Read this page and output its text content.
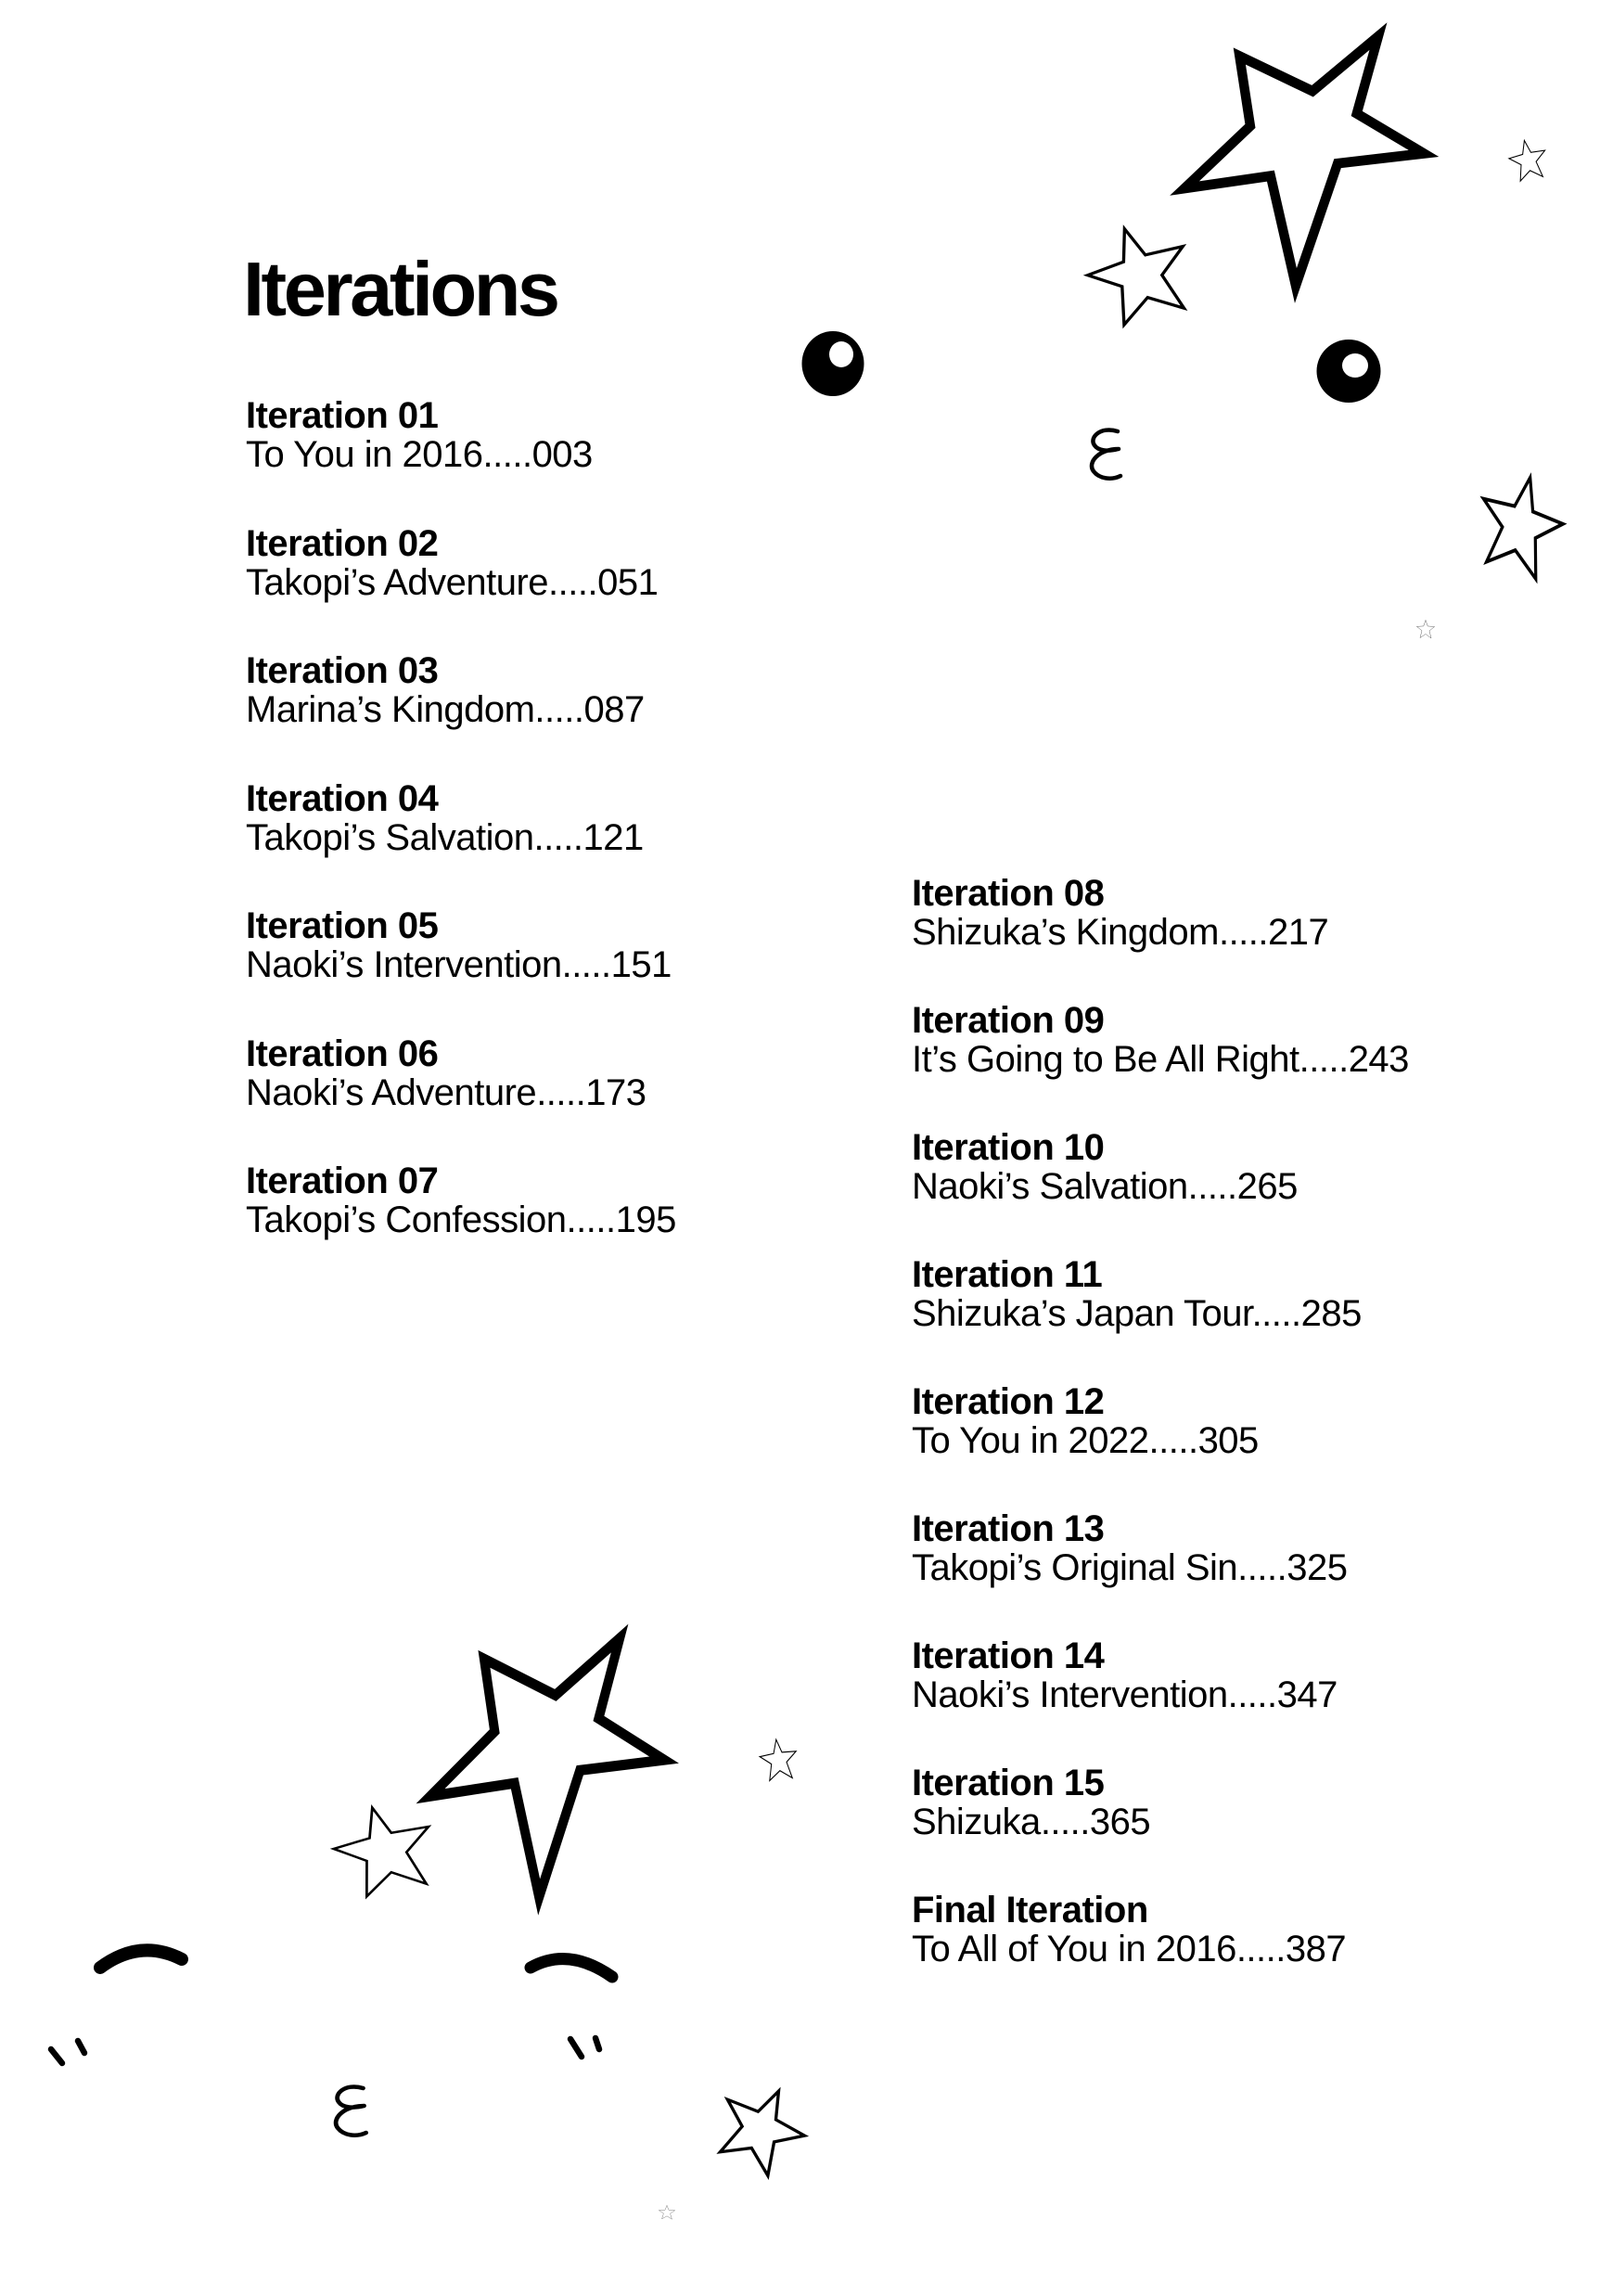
Iterations
Iteration 01
To You in 2016.....003
Iteration 02
Takopi’s Adventure.....051
Iteration 03
Marina’s Kingdom.....087
Iteration 04
Takopi’s Salvation.....121
Iteration 05
Naoki’s Intervention.....151
Iteration 06
Naoki’s Adventure.....173
Iteration 07
Takopi’s Confession.....195
Iteration 08
Shizuka’s Kingdom.....217
Iteration 09
It’s Going to Be All Right.....243
Iteration 10
Naoki’s Salvation.....265
Iteration 11
Shizuka’s Japan Tour.....285
Iteration 12
To You in 2022.....305
Iteration 13
Takopi’s Original Sin.....325
Iteration 14
Naoki’s Intervention.....347
Iteration 15
Shizuka.....365
Final Iteration
To All of You in 2016.....387
